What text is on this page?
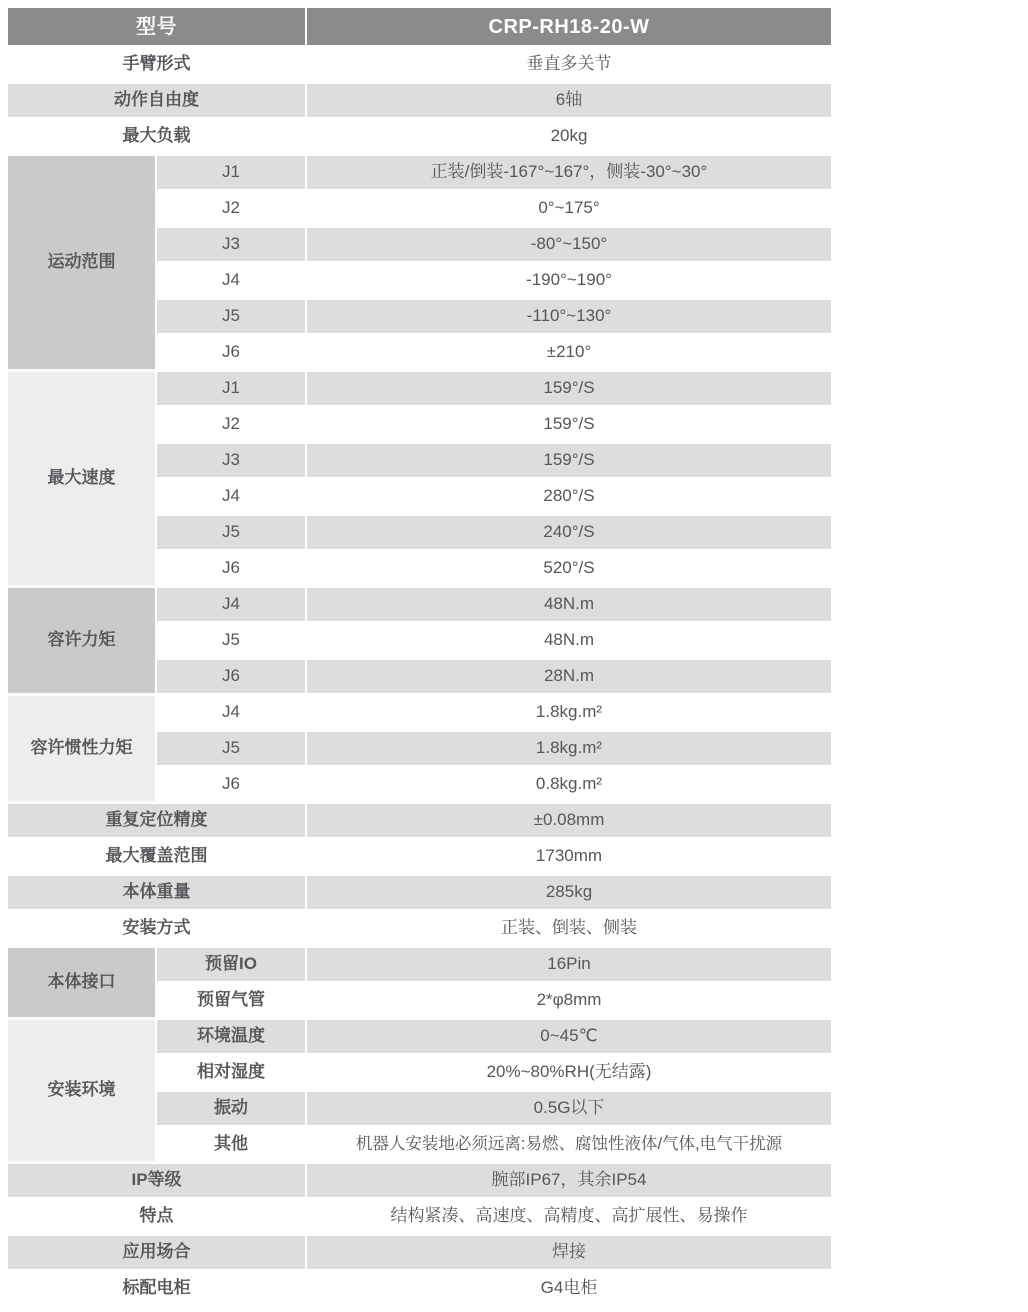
型号		CRP-RH18-20-W
手臂形式		垂直多关节
动作自由度		6轴
最大负载		20kg
运动范围	J1	正装/倒装-167°~167°，侧装-30°~30°
	J2	0°~175°
	J3	-80°~150°
	J4	-190°~190°
	J5	-110°~130°
	J6	±210°
最大速度	J1	159°/S
	J2	159°/S
	J3	159°/S
	J4	280°/S
	J5	240°/S
	J6	520°/S
容许力矩	J4	48N.m
	J5	48N.m
	J6	28N.m
容许惯性力矩	J4	1.8kg.m²
	J5	1.8kg.m²
	J6	0.8kg.m²
重复定位精度		±0.08mm
最大覆盖范围		1730mm
本体重量		285kg
安装方式		正装、倒装、侧装
本体接口	预留IO	16Pin
	预留气管	2*φ8mm
安装环境	环境温度	0~45℃
	相对湿度	20%~80%RH(无结露)
	振动	0.5G以下
	其他	机器人安装地必须远离:易燃、腐蚀性液体/气体,电气干扰源
IP等级		腕部IP67，其余IP54
特点		结构紧凑、高速度、高精度、高扩展性、易操作
应用场合		焊接
标配电柜		G4电柜
